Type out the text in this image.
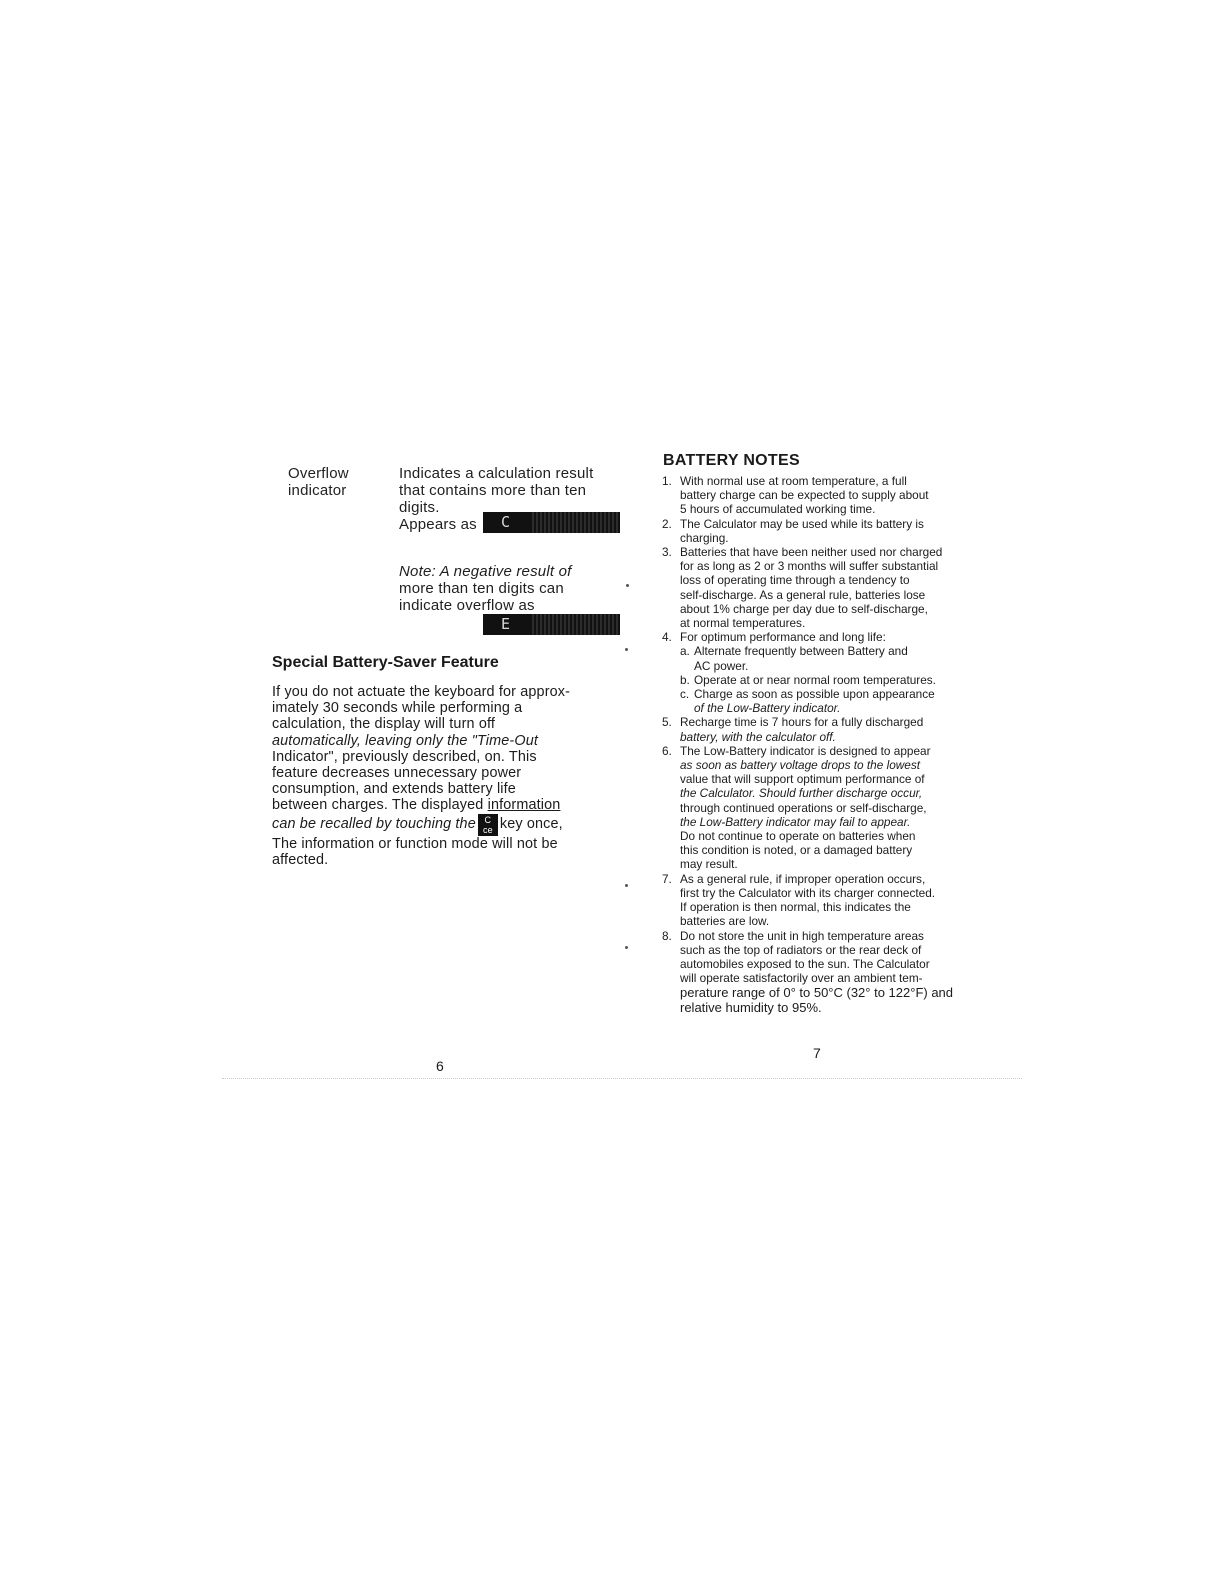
Overflow
indicator
Indicates a calculation result
that contains more than ten
digits.
Appears as	C
Note: A negative result of
more than ten digits can
indicate overflow as
E
Special Battery-Saver Feature
If you do not actuate the keyboard for approx-
imately 30 seconds while performing a
calculation, the display will turn off
automatically, leaving only the "Time-Out
Indicator", previously described, on. This
feature decreases unnecessary power
consumption, and extends battery life
between charges. The displayed information
can be recalled by touching the C
ce key once,
The information or function mode will not be
affected.
6
BATTERY NOTES
1. With normal use at room temperature, a full
battery charge can be expected to supply about
5 hours of accumulated working time.
2. The Calculator may be used while its battery is
charging.
3. Batteries that have been neither used nor charged
for as long as 2 or 3 months will suffer substantial
loss of operating time through a tendency to
self-discharge. As a general rule, batteries lose
about 1% charge per day due to self-discharge,
at normal temperatures.
4. For optimum performance and long life:
a. Alternate frequently between Battery and
AC power.
b. Operate at or near normal room temperatures.
c. Charge as soon as possible upon appearance
of the Low-Battery indicator.
5. Recharge time is 7 hours for a fully discharged
battery, with the calculator off.
6. The Low-Battery indicator is designed to appear
as soon as battery voltage drops to the lowest
value that will support optimum performance of
the Calculator. Should further discharge occur,
through continued operations or self-discharge,
the Low-Battery indicator may fail to appear.
Do not continue to operate on batteries when
this condition is noted, or a damaged battery
may result.
7. As a general rule, if improper operation occurs,
first try the Calculator with its charger connected.
If operation is then normal, this indicates the
batteries are low.
8. Do not store the unit in high temperature areas
such as the top of radiators or the rear deck of
automobiles exposed to the sun. The Calculator
will operate satisfactorily over an ambient tem-
perature range of 0° to 50°C (32° to 122°F) and
relative humidity to 95%.
7
